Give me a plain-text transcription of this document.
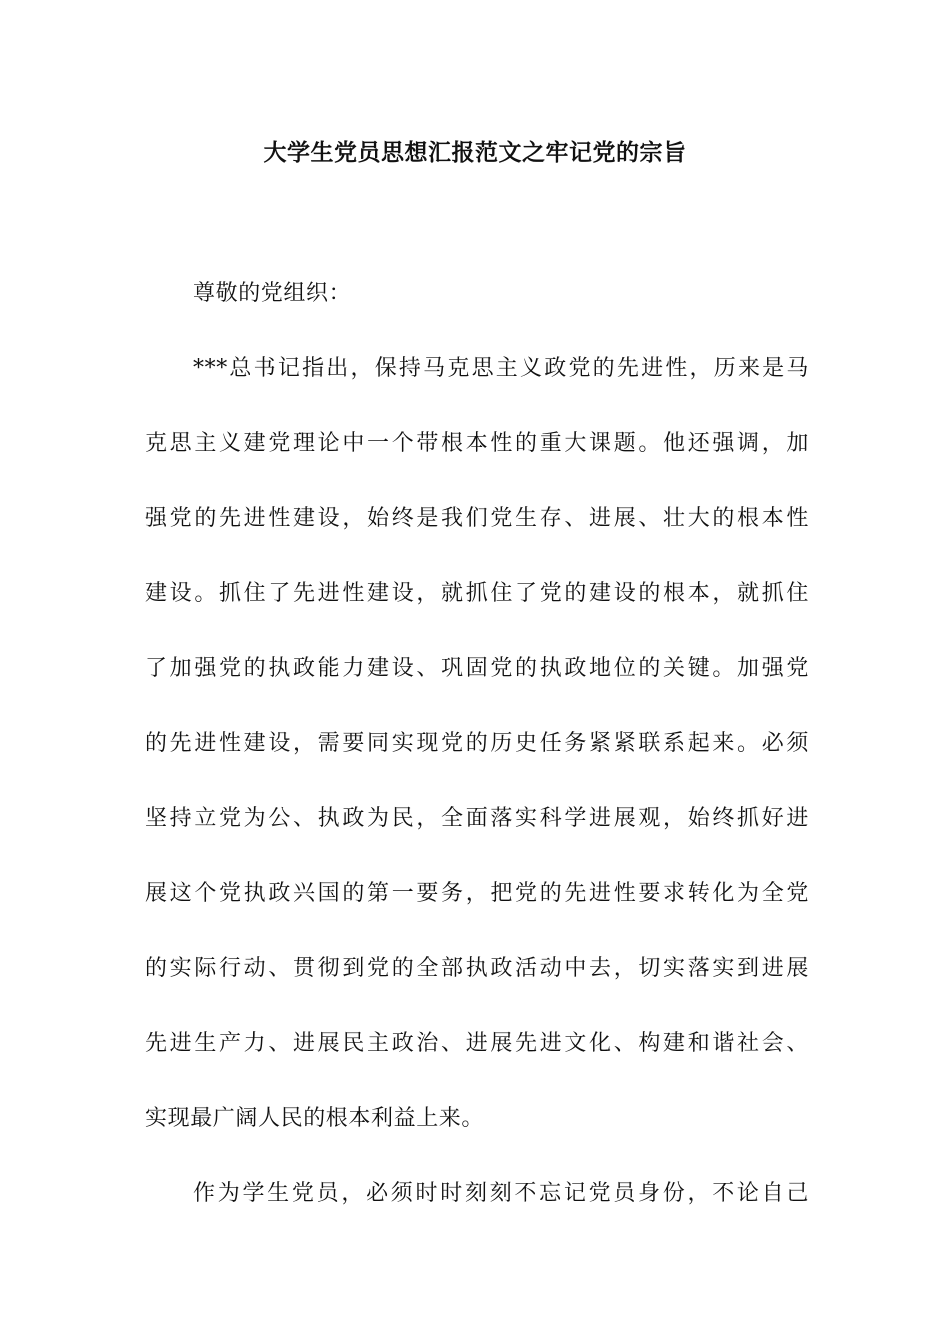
大学生党员思想汇报范文之牢记党的宗旨

尊敬的党组织：

***总书记指出，保持马克思主义政党的先进性，历来是马
克思主义建党理论中一个带根本性的重大课题。他还强调，加
强党的先进性建设，始终是我们党生存、进展、壮大的根本性
建设。抓住了先进性建设，就抓住了党的建设的根本，就抓住
了加强党的执政能力建设、巩固党的执政地位的关键。加强党
的先进性建设，需要同实现党的历史任务紧紧联系起来。必须
坚持立党为公、执政为民，全面落实科学进展观，始终抓好进
展这个党执政兴国的第一要务，把党的先进性要求转化为全党
的实际行动、贯彻到党的全部执政活动中去，切实落实到进展
先进生产力、进展民主政治、进展先进文化、构建和谐社会、
实现最广阔人民的根本利益上来。
作为学生党员，必须时时刻刻不忘记党员身份，不论自己
